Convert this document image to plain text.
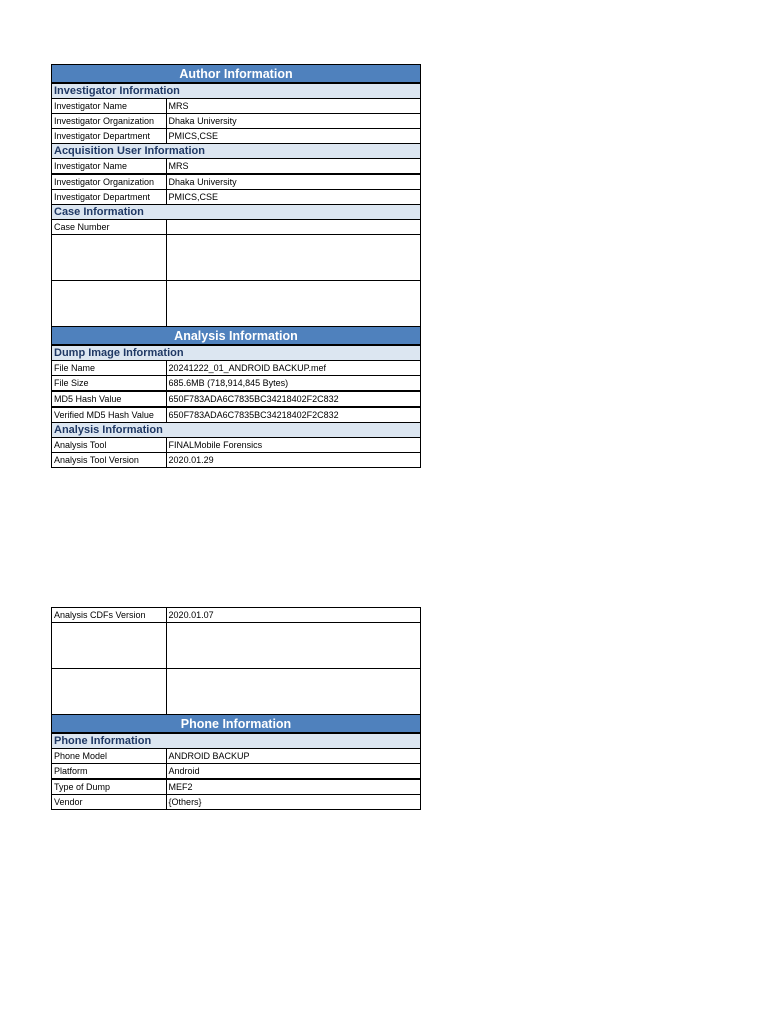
Author Information	
Investigator Information	
Investigator Name	MRS
Investigator Organization	Dhaka University
Investigator Department	PMICS,CSE
Acquisition User Information	
Investigator Name	MRS
Investigator Organization	Dhaka University
Investigator Department	PMICS,CSE
Case Information	
Case Number	

Analysis Information	
Dump Image Information	
File Name	20241222_01_ANDROID BACKUP.mef
File Size	685.6MB (718,914,845 Bytes)
MD5 Hash Value	650F783ADA6C7835BC34218402F2C832
Verified MD5 Hash Value	650F783ADA6C7835BC34218402F2C832
Analysis Information	
Analysis Tool	FINALMobile Forensics
Analysis Tool Version	2020.01.29
Analysis CDFs Version	2020.01.07

Phone Information	
Phone Information	
Phone Model	ANDROID BACKUP
Platform	Android
Type of Dump	MEF2
Vendor	{Others}
